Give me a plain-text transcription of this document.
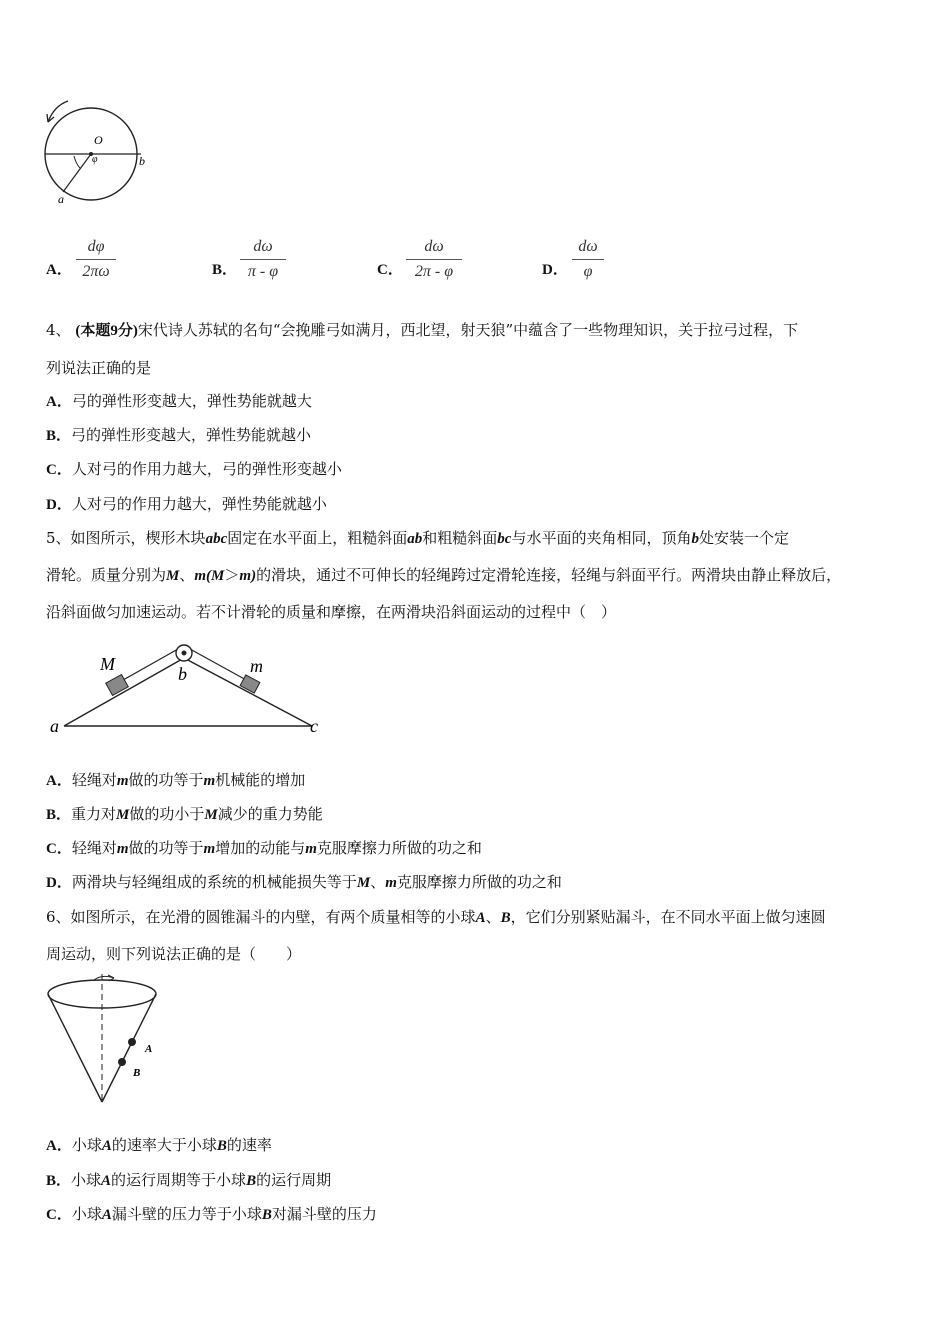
O
φ	b
a
A．
dφ
2πω	B．
dω
π - φ	C．
dω
2π - φ	D．
dω
φ
4、 (本题9分)宋代诗人苏轼的名句“会挽雕弓如满月，西北望，射天狼”中蕴含了一些物理知识，关于拉弓过程，下
列说法正确的是
A．弓的弹性形变越大，弹性势能就越大
B．弓的弹性形变越大，弹性势能就越小
C．人对弓的作用力越大，弓的弹性形变越小
D．人对弓的作用力越大，弹性势能就越小
5、如图所示，楔形木块abc固定在水平面上，粗糙斜面ab和粗糙斜面bc与水平面的夹角相同，顶角b处安装一个定
滑轮。质量分别为M、m(M＞m)的滑块，通过不可伸长的轻绳跨过定滑轮连接，轻绳与斜面平行。两滑块由静止释放后，
沿斜面做匀加速运动。若不计滑轮的质量和摩擦，在两滑块沿斜面运动的过程中（　）
M	m
a
b
c
A．轻绳对m做的功等于m机械能的增加
B．重力对M做的功小于M减少的重力势能
C．轻绳对m做的功等于m增加的动能与m克服摩擦力所做的功之和
D．两滑块与轻绳组成的系统的机械能损失等于M、m克服摩擦力所做的功之和
6、如图所示，在光滑的圆锥漏斗的内壁，有两个质量相等的小球A、B，它们分别紧贴漏斗，在不同水平面上做匀速圆
周运动，则下列说法正确的是（　　）
A
B
A．小球A的速率大于小球B的速率
B．小球A的运行周期等于小球B的运行周期
C．小球A漏斗壁的压力等于小球B对漏斗壁的压力
